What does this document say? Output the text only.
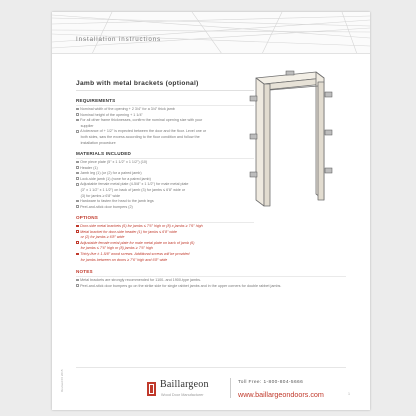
Installation instructions
Jamb with metal brackets (optional)
REQUIREMENTS

Nominal width of the opening + 2 3/4" for a 3/4" thick jamb

Nominal height of the opening + 1 1/4"

For all other frame thicknesses, confirm the nominal opening size with your

supplier

A tolerance of + 1/2" is expected between the door and the floor. Level one or

both sides, saw the excess according to the floor condition and follow the

installation procedure

MATERIALS INCLUDED

One piece plate (5" x 1 1/2" x 1 1/2") (10)

Header (1)

Jamb leg (1) (or (2) for a paired jamb)

Lock-side jamb (1) (none for a paired jamb)

Adjustable female metal plate (4-5/8" x 1 1/2") for male metal plate

(3" x 1 1/2" x 1 1/2") on back of jamb (3) for jambs ≤ 6'8" wide or

(3) for jambs ≥ 6'8" wide

Hardware to fasten the head to the jamb legs

Peel-and-stick door bumpers (2)

OPTIONS

Door-side metal brackets (6) for jambs ≤ 7'6" high or (8) x jambs ≥ 7'6" high

Metal bracket for door-side header (1) for jambs ≤ 6'8" wide

or (2) for jambs ≥ 6'8" wide

Adjustable female metal plate for male metal plate on back of jamb (6)

for jambs ≤ 7'6" high or (8) jambs ≥ 7'6" high

Thirty-five ≠ 1-5/8" wood screws. Additional screws will be provided

for jambs between on doors ≥ 7'6" high and 6'8" wide

NOTES

Metal brackets are strongly recommended for 1100- and 1900-type jambs.

Peel-and-stick door bumpers go on the strike side for single rabbet jambs and in the upper corners for double rabbet jambs.

Revised 06 2015	Baillargeon
Wood Door Manufacturer
Toll Free: 1-800-804-5666
www.baillargeondoors.com	1
